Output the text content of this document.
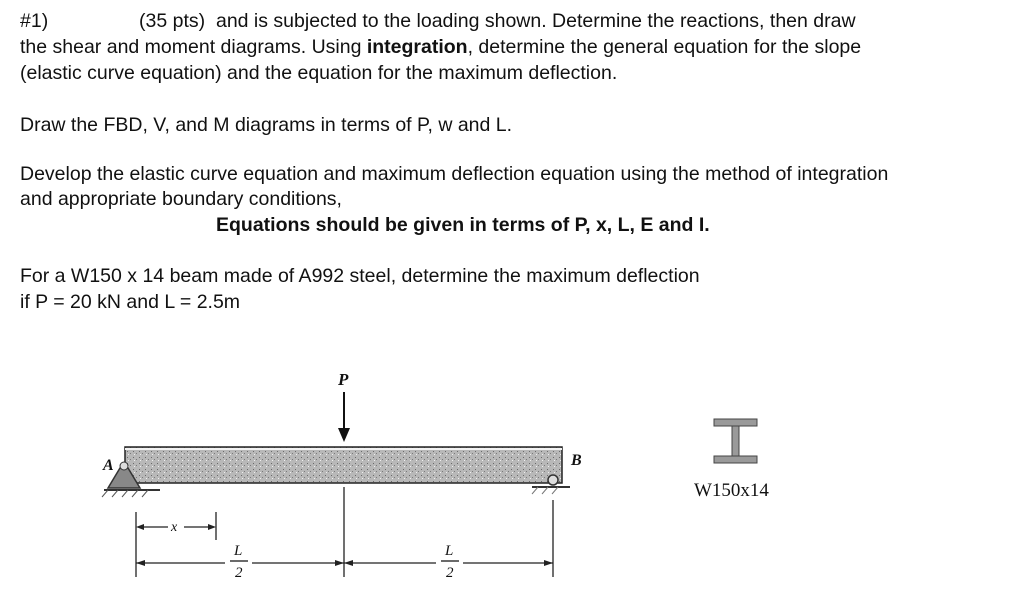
#1)	(35 pts) and is subjected to the loading shown. Determine the reactions, then draw
the shear and moment diagrams. Using integration, determine the general equation for the slope
(elastic curve equation) and the equation for the maximum deflection.
Draw the FBD, V, and M diagrams in terms of P, w and L.
Develop the elastic curve equation and maximum deflection equation using the method of integration
and appropriate boundary conditions,
Equations should be given in terms of P, x, L, E and I.
For a W150 x 14 beam made of A992 steel, determine the maximum deflection
if P = 20 kN and L = 2.5m
P
A	B
x
L
2
L
2
W150x14
